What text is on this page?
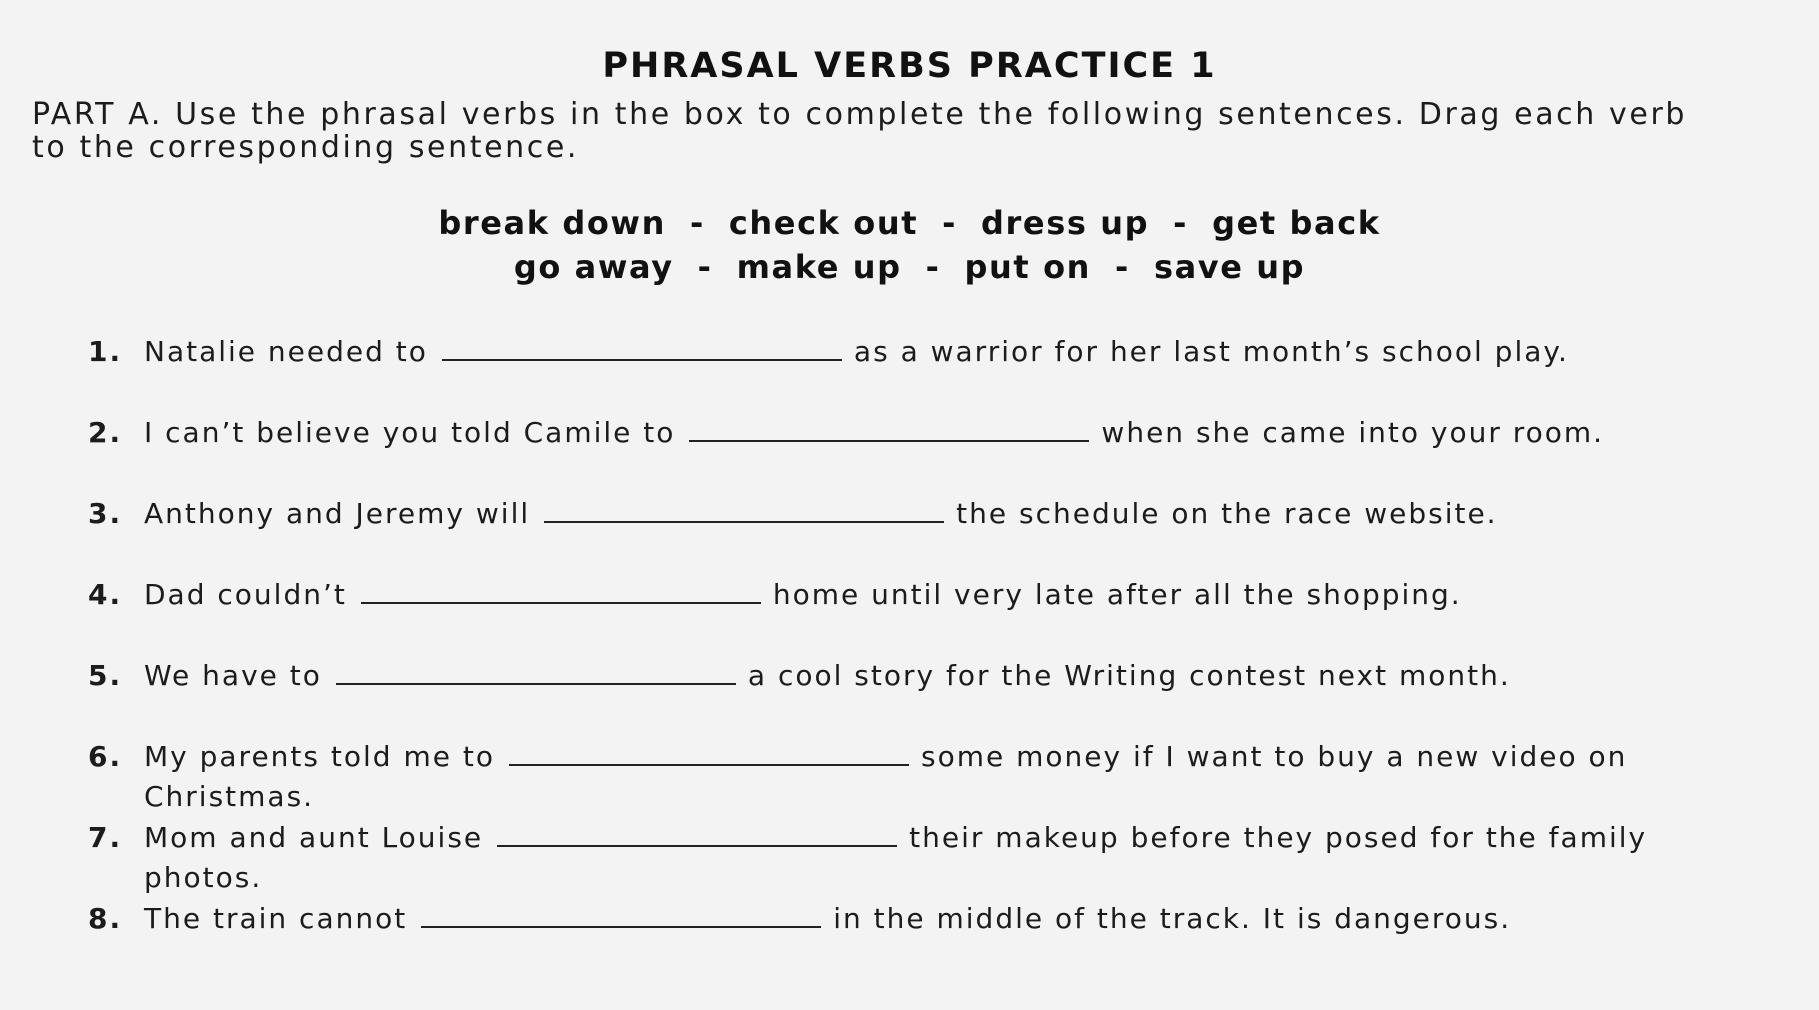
PHRASAL VERBS PRACTICE 1
PART A. Use the phrasal verbs in the box to complete the following sentences. Drag each verb to the corresponding sentence.
break down - check out - dress up - get back
go away - make up - put on - save up
1. Natalie needed to	as a warrior for her last month’s school play.
2. I can’t believe you told Camile to	when she came into your room.
3. Anthony and Jeremy will	the schedule on the race website.
4. Dad couldn’t	home until very late after all the shopping.
5. We have to	a cool story for the Writing contest next month.
6. My parents told me to	some money if I want to buy a new video on Christmas.
7. Mom and aunt Louise	their makeup before they posed for the family photos.
8. The train cannot	in the middle of the track. It is dangerous.
